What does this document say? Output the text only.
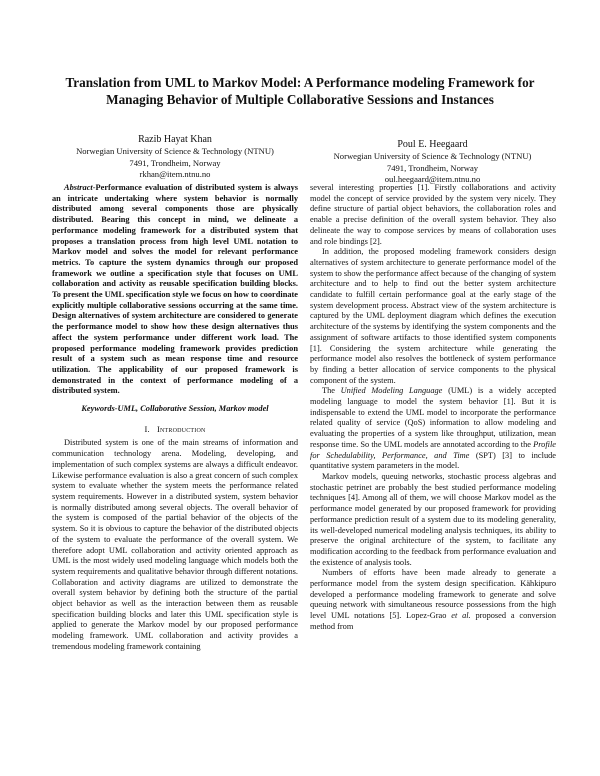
Translation from UML to Markov Model: A Performance modeling Framework for
Managing Behavior of Multiple Collaborative Sessions and Instances
Razib Hayat Khan
Norwegian University of Science & Technology (NTNU)
7491, Trondheim, Norway
rkhan@item.ntnu.no
Poul E. Heegaard
Norwegian University of Science & Technology (NTNU)
7491, Trondheim, Norway
oul.heegaard@item.ntnu.no

Abstract-Performance evaluation of distributed system is always an intricate undertaking where system behavior is normally distributed among several components those are physically distributed. Bearing this concept in mind, we delineate a performance modeling framework for a distributed system that proposes a translation process from high level UML notation to Markov model and solves the model for relevant performance metrics. To capture the system dynamics through our proposed framework we outline a specification style that focuses on UML collaboration and activity as reusable specification building blocks. To present the UML specification style we focus on how to coordinate explicitly multiple collaborative sessions occurring at the same time. Design alternatives of system architecture are considered to generate the performance model to show how these design alternatives thus affect the system performance under different work load. The proposed performance modeling framework provides prediction result of a system such as mean response time and resource utilization. The applicability of our proposed framework is demonstrated in the context of performance modeling of a distributed system.

Keywords-UML, Collaborative Session, Markov model

I. Introduction

Distributed system is one of the main streams of information and communication technology arena. Modeling, developing, and implementation of such complex systems are always a difficult endeavor. Likewise performance evaluation is also a great concern of such complex system to evaluate whether the system meets the performance related system requirements. However in a distributed system, system behavior is normally distributed among several objects. The overall behavior of the system is composed of the partial behavior of the objects of the system. So it is obvious to capture the behavior of the distributed objects of the system to evaluate the performance of the overall system. We therefore adopt UML collaboration and activity oriented approach as UML is the most widely used modeling language which models both the system requirements and qualitative behavior through different notations. Collaboration and activity diagrams are utilized to demonstrate the overall system behavior by defining both the structure of the partial object behavior as well as the interaction between them as reusable specification building blocks and later this UML specification style is applied to generate the Markov model by our proposed performance modeling framework. UML collaboration and activity provides a tremendous modeling framework containing

several interesting properties [1]. Firstly collaborations and activity model the concept of service provided by the system very nicely. They define structure of partial object behaviors, the collaboration roles and enable a precise definition of the overall system behavior. They also delineate the way to compose services by means of collaboration uses and role bindings [2].

In addition, the proposed modeling framework considers design alternatives of system architecture to generate performance model of the system to show the performance affect because of the changing of system architecture and to help to find out the better system architecture candidate to fulfill certain performance goal at the early stage of the system development process. Abstract view of the system architecture is captured by the UML deployment diagram which defines the execution architecture of the systems by identifying the system components and the assignment of software artifacts to those identified system components [1]. Considering the system architecture while generating the performance model also resolves the bottleneck of system performance by finding a better allocation of service components to the physical component of the system.

The Unified Modeling Language (UML) is a widely accepted modeling language to model the system behavior [1]. But it is indispensable to extend the UML model to incorporate the performance related quality of service (QoS) information to allow modeling and evaluating the properties of a system like throughput, utilization, mean response time. So the UML models are annotated according to the Profile for Schedulability, Performance, and Time (SPT) [3] to include quantitative system parameters in the model.

Markov models, queuing networks, stochastic process algebras and stochastic petrinet are probably the best studied performance modeling techniques [4]. Among all of them, we will choose Markov model as the performance model generated by our proposed framework for providing performance prediction result of a system due to its modeling generality, its well-developed numerical modeling analysis techniques, its ability to preserve the original architecture of the system, to facilitate any modification according to the feedback from performance evaluation and the existence of analysis tools.

Numbers of efforts have been made already to generate a performance model from the system design specification. Kähkipuro developed a performance modeling framework to generate and solve queuing network with simultaneous resource possessions from the high level UML notations [5]. Lopez-Grao et al. proposed a conversion method from
